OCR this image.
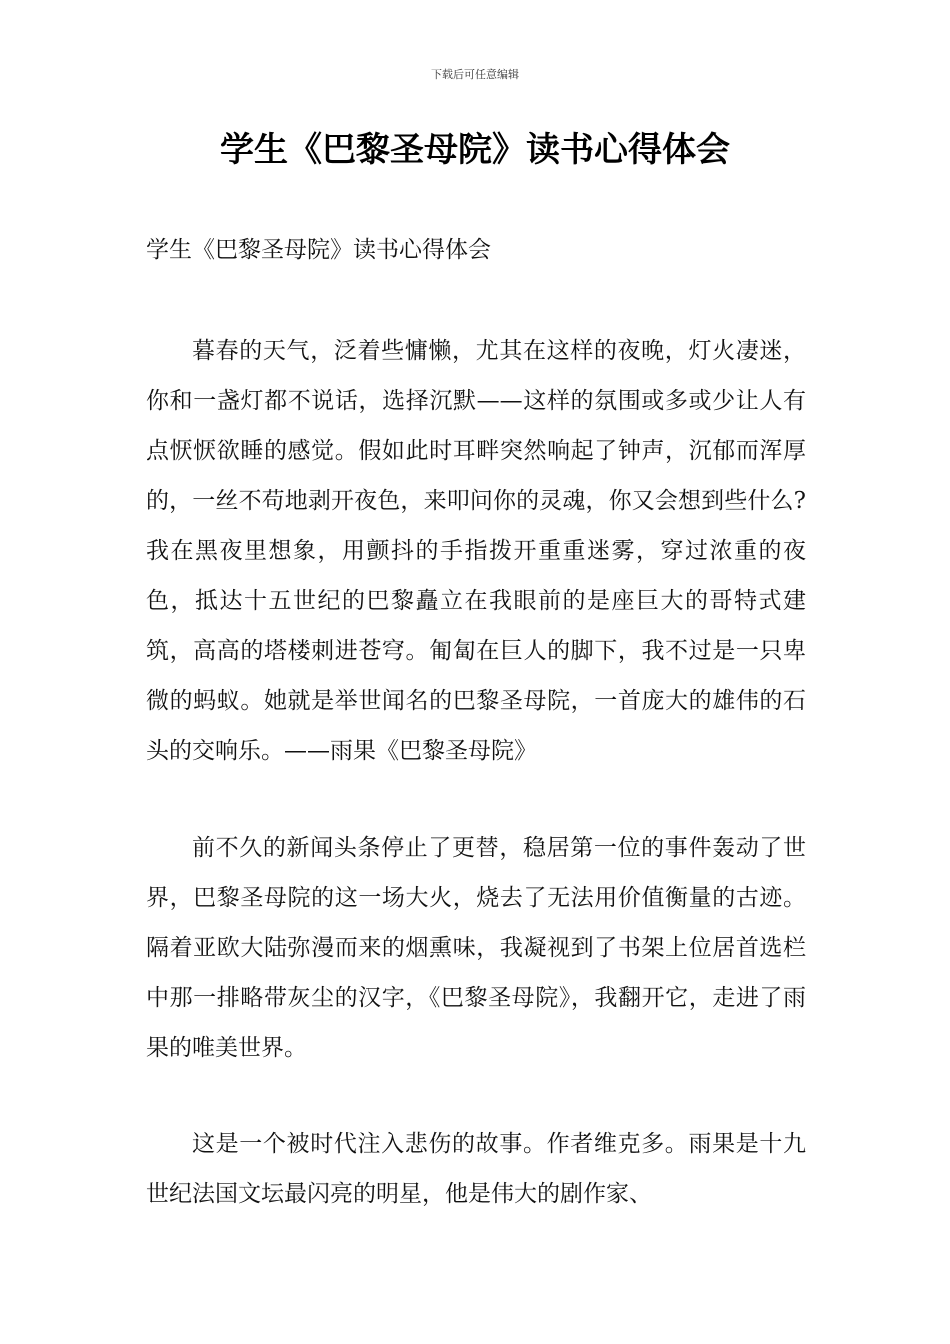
下载后可任意编辑
学生《巴黎圣母院》读书心得体会

学生《巴黎圣母院》读书心得体会

暮春的天气，泛着些慵懒，尤其在这样的夜晚，灯火凄迷，你和一盏灯都不说话，选择沉默——这样的氛围或多或少让人有点恹恹欲睡的感觉。假如此时耳畔突然响起了钟声，沉郁而浑厚的，一丝不苟地剥开夜色，来叩问你的灵魂，你又会想到些什么?我在黑夜里想象，用颤抖的手指拨开重重迷雾，穿过浓重的夜色，抵达十五世纪的巴黎矗立在我眼前的是座巨大的哥特式建筑，高高的塔楼刺进苍穹。匍匐在巨人的脚下，我不过是一只卑微的蚂蚁。她就是举世闻名的巴黎圣母院，一首庞大的雄伟的石头的交响乐。——雨果《巴黎圣母院》

前不久的新闻头条停止了更替，稳居第一位的事件轰动了世界，巴黎圣母院的这一场大火，烧去了无法用价值衡量的古迹。隔着亚欧大陆弥漫而来的烟熏味，我凝视到了书架上位居首选栏中那一排略带灰尘的汉字，《巴黎圣母院》，我翻开它，走进了雨果的唯美世界。

这是一个被时代注入悲伤的故事。作者维克多。雨果是十九世纪法国文坛最闪亮的明星，他是伟大的剧作家、
